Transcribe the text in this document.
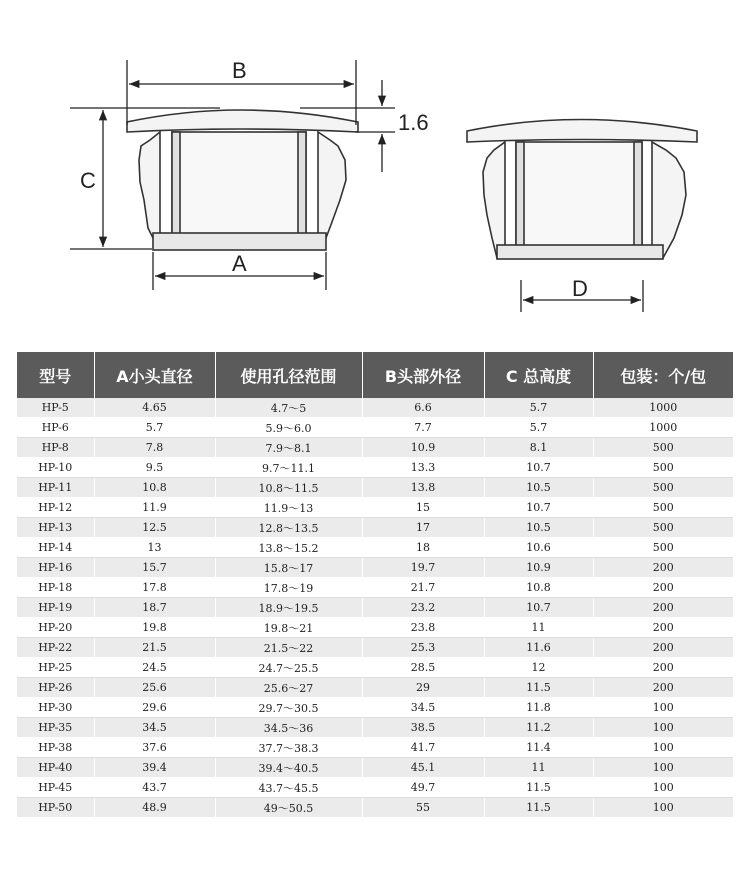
B
1.6
C
A
D
型号	A小头直径	使用孔径范围	B头部外径	C 总高度	包装：个/包
HP-5	4.65	4.7～5	6.6	5.7	1000
HP-6	5.7	5.9～6.0	7.7	5.7	1000
HP-8	7.8	7.9～8.1	10.9	8.1	500
HP-10	9.5	9.7～11.1	13.3	10.7	500
HP-11	10.8	10.8～11.5	13.8	10.5	500
HP-12	11.9	11.9～13	15	10.7	500
HP-13	12.5	12.8～13.5	17	10.5	500
HP-14	13	13.8～15.2	18	10.6	500
HP-16	15.7	15.8～17	19.7	10.9	200
HP-18	17.8	17.8～19	21.7	10.8	200
HP-19	18.7	18.9～19.5	23.2	10.7	200
HP-20	19.8	19.8～21	23.8	11	200
HP-22	21.5	21.5～22	25.3	11.6	200
HP-25	24.5	24.7～25.5	28.5	12	200
HP-26	25.6	25.6～27	29	11.5	200
HP-30	29.6	29.7～30.5	34.5	11.8	100
HP-35	34.5	34.5～36	38.5	11.2	100
HP-38	37.6	37.7～38.3	41.7	11.4	100
HP-40	39.4	39.4～40.5	45.1	11	100
HP-45	43.7	43.7～45.5	49.7	11.5	100
HP-50	48.9	49～50.5	55	11.5	100
